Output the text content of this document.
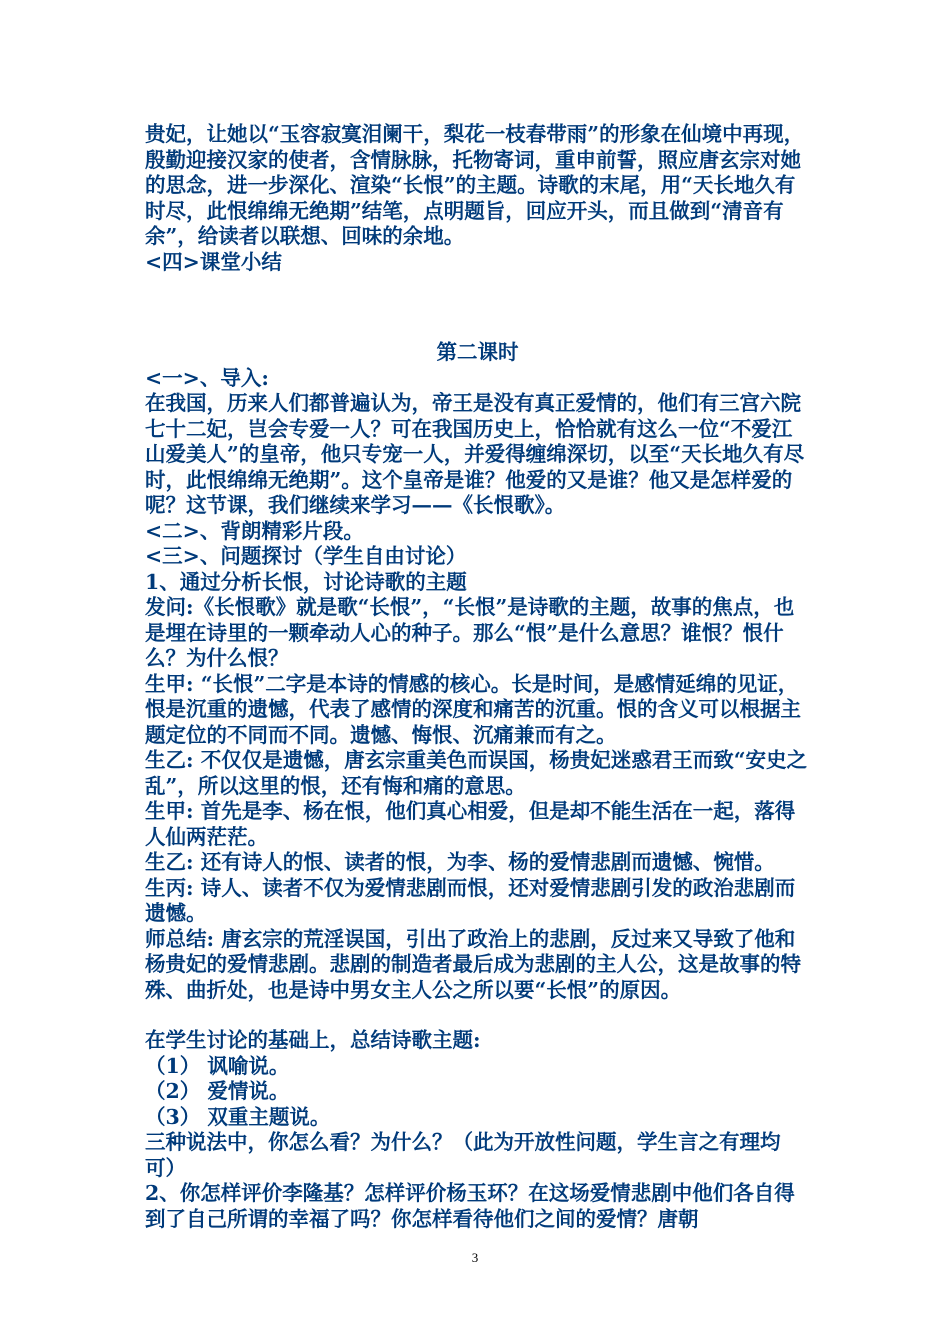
贵妃，让她以“玉容寂寞泪阑干，梨花一枝春带雨”的形象在仙境中再现，殷勤迎接汉家的使者，含情脉脉，托物寄词，重申前誓，照应唐玄宗对她的思念，进一步深化、渲染“长恨”的主题。诗歌的末尾，用“天长地久有时尽，此恨绵绵无绝期”结笔，点明题旨，回应开头，而且做到“清音有余”，给读者以联想、回味的余地。

<四>课堂小结

第二课时

<一>、导入:

在我国，历来人们都普遍认为，帝王是没有真正爱情的，他们有三宫六院七十二妃，岂会专爱一人？可在我国历史上，恰恰就有这么一位“不爱江山爱美人”的皇帝，他只专宠一人，并爱得缠绵深切，以至“天长地久有尽时，此恨绵绵无绝期”。这个皇帝是谁？他爱的又是谁？他又是怎样爱的呢？这节课，我们继续来学习——《长恨歌》。

<二>、背朗精彩片段。

<三>、问题探讨（学生自由讨论）

1、通过分析长恨，讨论诗歌的主题

发问:《长恨歌》就是歌“长恨”，“长恨”是诗歌的主题，故事的焦点，也是埋在诗里的一颗牵动人心的种子。那么“恨”是什么意思？谁恨？恨什么？为什么恨？

生甲: “长恨”二字是本诗的情感的核心。长是时间，是感情延绵的见证，恨是沉重的遗憾，代表了感情的深度和痛苦的沉重。恨的含义可以根据主题定位的不同而不同。遗憾、悔恨、沉痛兼而有之。

生乙: 不仅仅是遗憾，唐玄宗重美色而误国，杨贵妃迷惑君王而致“安史之乱”，所以这里的恨，还有悔和痛的意思。

生甲: 首先是李、杨在恨，他们真心相爱，但是却不能生活在一起，落得人仙两茫茫。

生乙: 还有诗人的恨、读者的恨，为李、杨的爱情悲剧而遗憾、惋惜。

生丙: 诗人、读者不仅为爱情悲剧而恨，还对爱情悲剧引发的政治悲剧而遗憾。

师总结: 唐玄宗的荒淫误国，引出了政治上的悲剧，反过来又导致了他和杨贵妃的爱情悲剧。悲剧的制造者最后成为悲剧的主人公，这是故事的特殊、曲折处，也是诗中男女主人公之所以要“长恨”的原因。

在学生讨论的基础上，总结诗歌主题:

（1） 讽喻说。

（2） 爱情说。

（3） 双重主题说。

三种说法中，你怎么看？为什么？（此为开放性问题，学生言之有理均可）

2、你怎样评价李隆基？怎样评价杨玉环？在这场爱情悲剧中他们各自得到了自己所谓的幸福了吗？你怎样看待他们之间的爱情？唐朝

3
